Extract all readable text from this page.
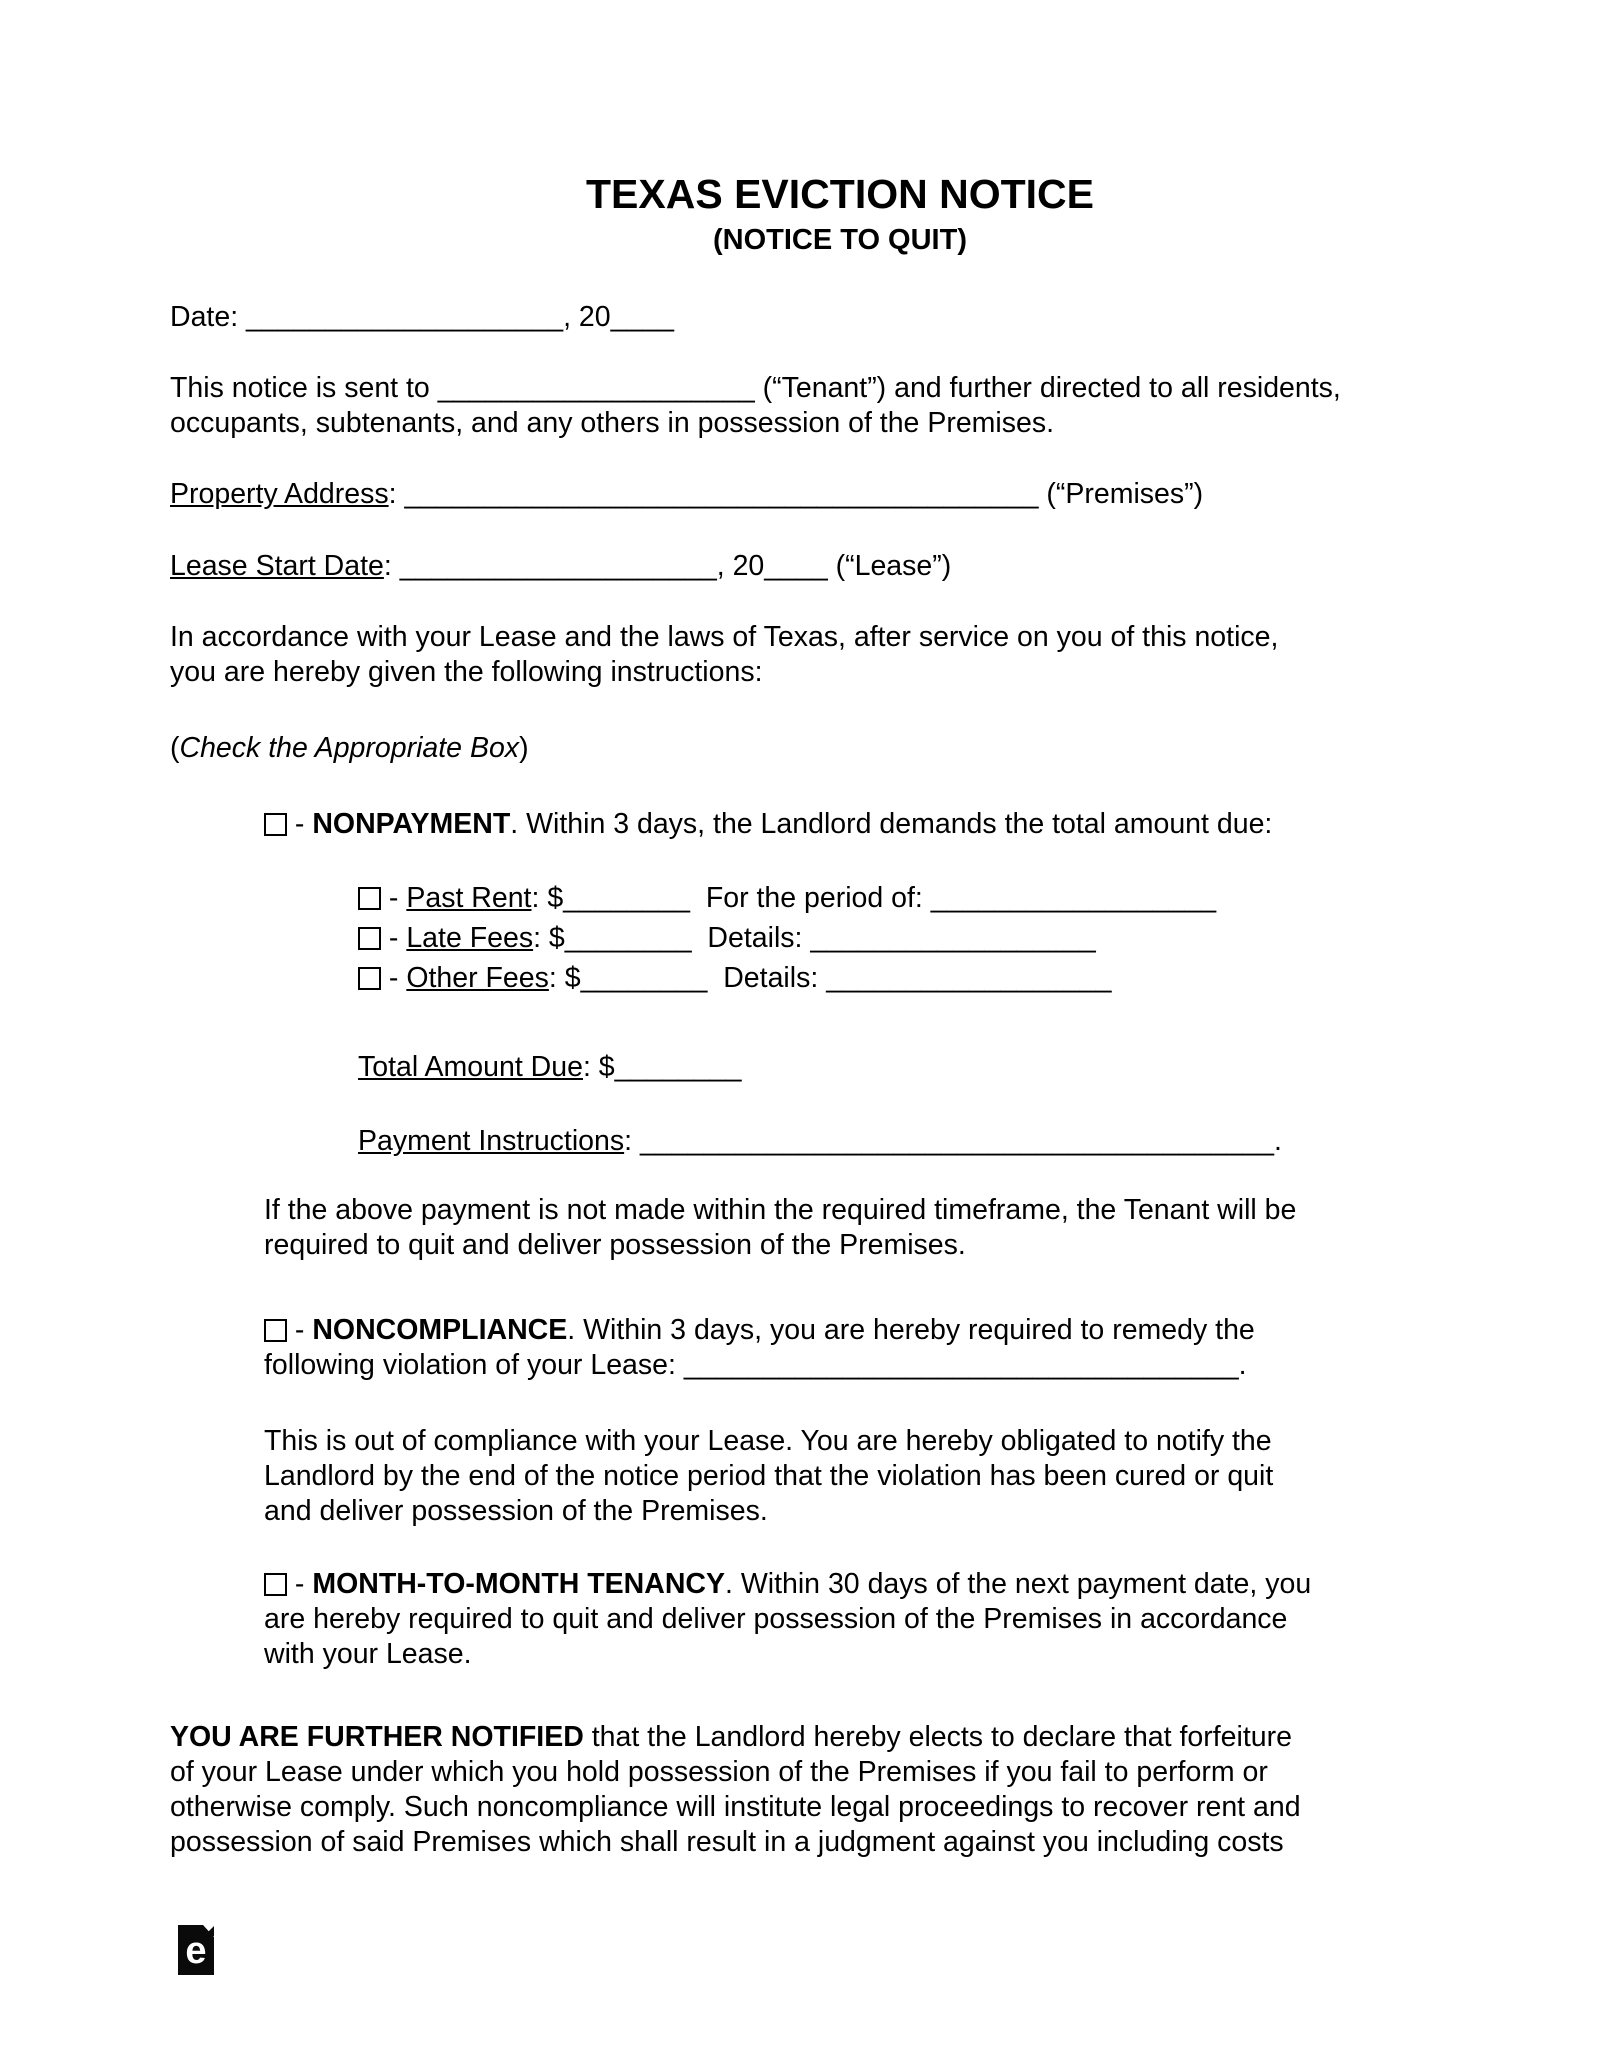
TEXAS EVICTION NOTICE
(NOTICE TO QUIT)

Date: ____________________, 20____

This notice is sent to ____________________ (“Tenant”) and further directed to all residents,
occupants, subtenants, and any others in possession of the Premises.

Property Address: ________________________________________ (“Premises”)

Lease Start Date: ____________________, 20____ (“Lease”)

In accordance with your Lease and the laws of Texas, after service on you of this notice,
you are hereby given the following instructions:

(Check the Appropriate Box)

- NONPAYMENT. Within 3 days, the Landlord demands the total amount due:

- Past Rent: $________  For the period of: __________________

- Late Fees: $________  Details: __________________

- Other Fees: $________  Details: __________________

Total Amount Due: $________

Payment Instructions: ________________________________________.

If the above payment is not made within the required timeframe, the Tenant will be
required to quit and deliver possession of the Premises.

- NONCOMPLIANCE. Within 3 days, you are hereby required to remedy the
following violation of your Lease: ___________________________________.

This is out of compliance with your Lease. You are hereby obligated to notify the
Landlord by the end of the notice period that the violation has been cured or quit
and deliver possession of the Premises.

- MONTH-TO-MONTH TENANCY. Within 30 days of the next payment date, you
are hereby required to quit and deliver possession of the Premises in accordance
with your Lease.

YOU ARE FURTHER NOTIFIED that the Landlord hereby elects to declare that forfeiture
of your Lease under which you hold possession of the Premises if you fail to perform or
otherwise comply. Such noncompliance will institute legal proceedings to recover rent and
possession of said Premises which shall result in a judgment against you including costs

e
